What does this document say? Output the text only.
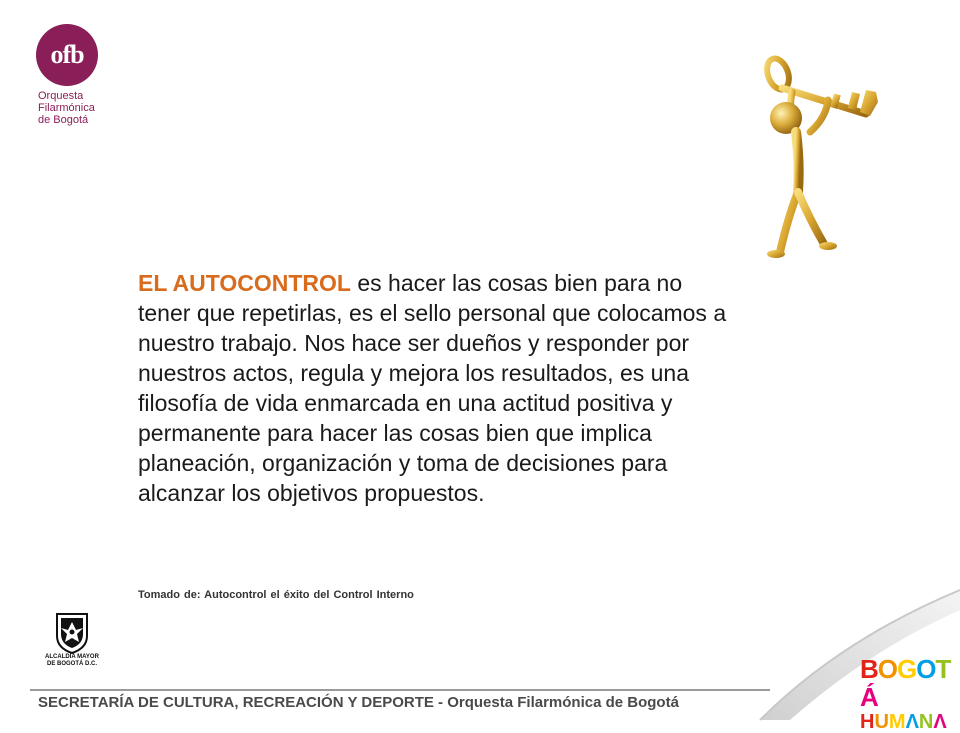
ofb
Orquesta
Filarmónica
de Bogotá
EL AUTOCONTROL es hacer las cosas bien para no tener que repetirlas, es el sello personal que colocamos a nuestro trabajo. Nos hace ser dueños y responder por nuestros actos, regula y mejora los resultados, es una filosofía de vida enmarcada en una actitud positiva y permanente para hacer las cosas bien que implica planeación, organización y toma de decisiones para alcanzar los objetivos propuestos.
Tomado de: Autocontrol el éxito del Control Interno
ALCALDÍA MAYOR
DE BOGOTÁ D.C.	BOGOTÁ
HUMΛNΛ
SECRETARÍA DE CULTURA, RECREACIÓN Y DEPORTE - Orquesta Filarmónica de Bogotá
